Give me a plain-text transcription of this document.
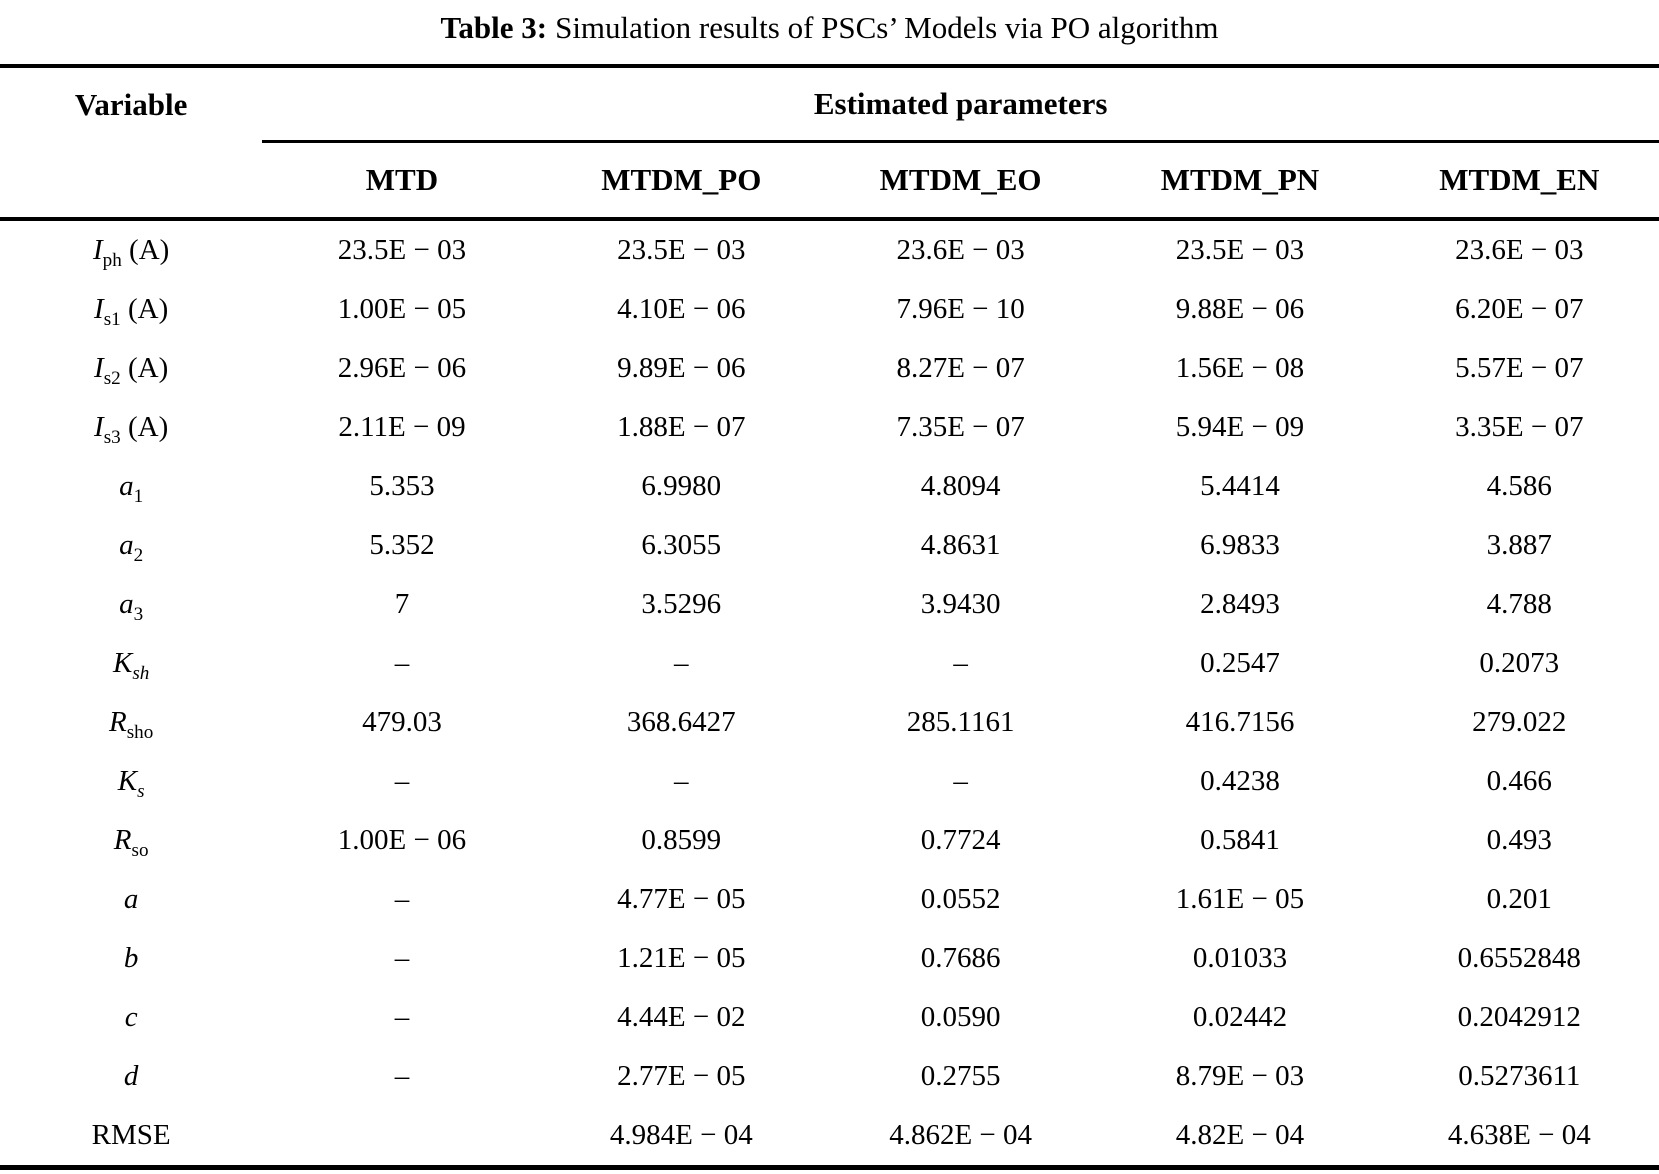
Table 3: Simulation results of PSCs’ Models via PO algorithm
Variable	Estimated parameters				
	MTD	MTDM_PO	MTDM_EO	MTDM_PN	MTDM_EN
$I_{ph}$ (A)	23.5E − 03	23.5E − 03	23.6E − 03	23.5E − 03	23.6E − 03
$I_{s1}$ (A)	1.00E − 05	4.10E − 06	7.96E − 10	9.88E − 06	6.20E − 07
$I_{s2}$ (A)	2.96E − 06	9.89E − 06	8.27E − 07	1.56E − 08	5.57E − 07
$I_{s3}$ (A)	2.11E − 09	1.88E − 07	7.35E − 07	5.94E − 09	3.35E − 07
$a_1$	5.353	6.9980	4.8094	5.4414	4.586
$a_2$	5.352	6.3055	4.8631	6.9833	3.887
$a_3$	7	3.5296	3.9430	2.8493	4.788
$K_{sh}$	–	–	–	0.2547	0.2073
$R_{sho}$	479.03	368.6427	285.1161	416.7156	279.022
$K_s$	–	–	–	0.4238	0.466
$R_{so}$	1.00E − 06	0.8599	0.7724	0.5841	0.493
a	–	4.77E − 05	0.0552	1.61E − 05	0.201
b	–	1.21E − 05	0.7686	0.01033	0.6552848
c	–	4.44E − 02	0.0590	0.02442	0.2042912
d	–	2.77E − 05	0.2755	8.79E − 03	0.5273611
RMSE		4.984E − 04	4.862E − 04	4.82E − 04	4.638E − 04
